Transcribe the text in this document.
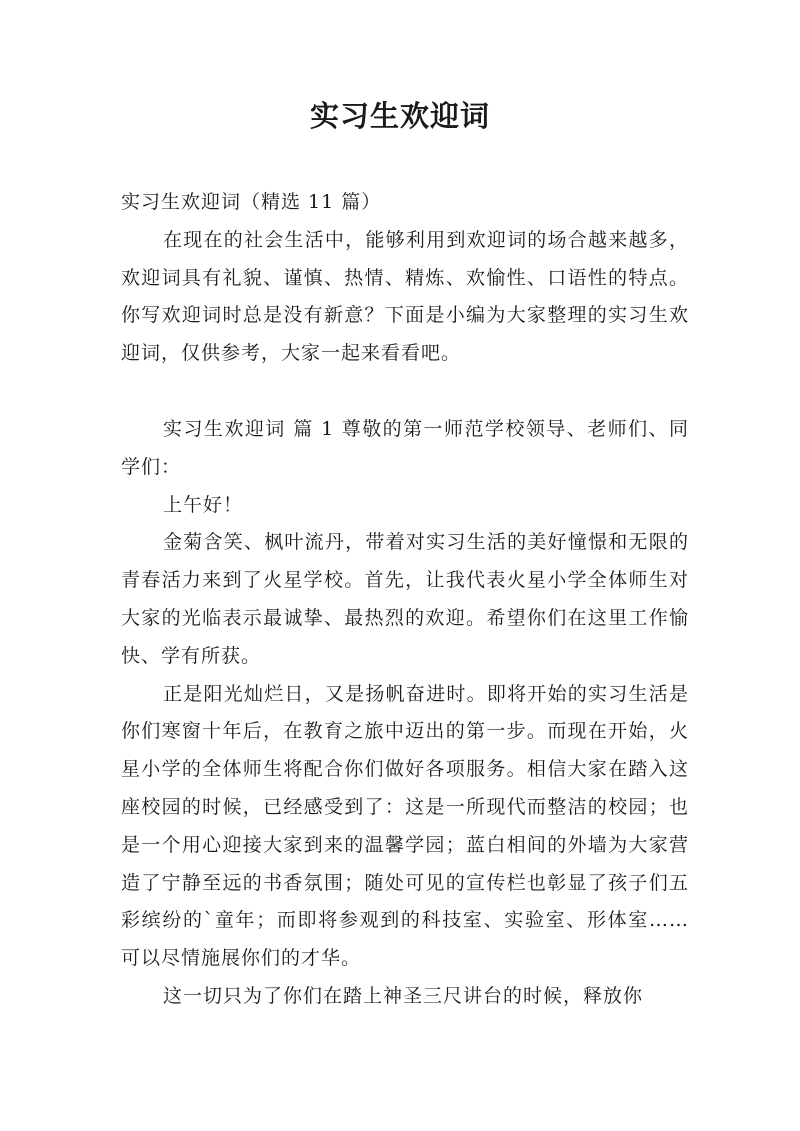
实习生欢迎词

实习生欢迎词（精选 11 篇）

在现在的社会生活中，能够利用到欢迎词的场合越来越多，欢迎词具有礼貌、谨慎、热情、精炼、欢愉性、口语性的特点。你写欢迎词时总是没有新意？下面是小编为大家整理的实习生欢迎词，仅供参考，大家一起来看看吧。

实习生欢迎词 篇 1 尊敬的第一师范学校领导、老师们、同学们：

上午好！

金菊含笑、枫叶流丹，带着对实习生活的美好憧憬和无限的青春活力来到了火星学校。首先，让我代表火星小学全体师生对大家的光临表示最诚挚、最热烈的欢迎。希望你们在这里工作愉快、学有所获。

正是阳光灿烂日，又是扬帆奋进时。即将开始的实习生活是你们寒窗十年后，在教育之旅中迈出的第一步。而现在开始，火星小学的全体师生将配合你们做好各项服务。相信大家在踏入这座校园的时候，已经感受到了：这是一所现代而整洁的校园；也是一个用心迎接大家到来的温馨学园；蓝白相间的外墙为大家营造了宁静至远的书香氛围；随处可见的宣传栏也彰显了孩子们五彩缤纷的`童年；而即将参观到的科技室、实验室、形体室……可以尽情施展你们的才华。

这一切只为了你们在踏上神圣三尺讲台的时候，释放你
